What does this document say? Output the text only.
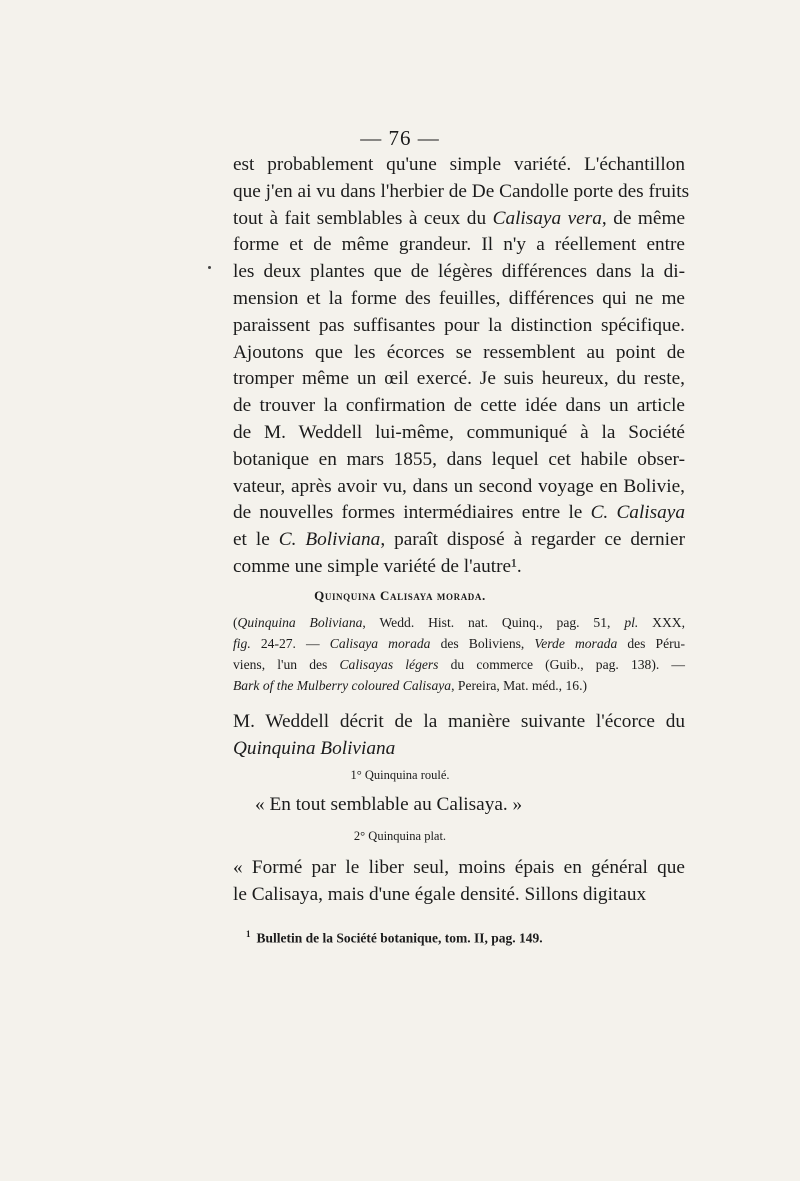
— 76 —
est probablement qu'une simple variété. L'échantillon
que j'en ai vu dans l'herbier de De Candolle porte des fruits
tout à fait semblables à ceux du Calisaya vera, de même
forme et de même grandeur. Il n'y a réellement entre
les deux plantes que de légères différences dans la di-
mension et la forme des feuilles, différences qui ne me
paraissent pas suffisantes pour la distinction spécifique.
Ajoutons que les écorces se ressemblent au point de
tromper même un œil exercé. Je suis heureux, du reste,
de trouver la confirmation de cette idée dans un article
de M. Weddell lui-même, communiqué à la Société
botanique en mars 1855, dans lequel cet habile obser-
vateur, après avoir vu, dans un second voyage en Bolivie,
de nouvelles formes intermédiaires entre le C. Calisaya
et le C. Boliviana, paraît disposé à regarder ce dernier
comme une simple variété de l'autre¹.
Quinquina Calisaya morada.
(Quinquina Boliviana, Wedd. Hist. nat. Quinq., pag. 51, pl. XXX,
fig. 24-27. — Calisaya morada des Boliviens, Verde morada des Péru-
viens, l'un des Calisayas légers du commerce (Guib., pag. 138). —
Bark of the Mulberry coloured Calisaya, Pereira, Mat. méd., 16.)
M. Weddell décrit de la manière suivante l'écorce du
Quinquina Boliviana
1° Quinquina roulé.
« En tout semblable au Calisaya. »
2° Quinquina plat.
« Formé par le liber seul, moins épais en général que
le Calisaya, mais d'une égale densité. Sillons digitaux
$^1$ Bulletin de la Société botanique, tom. II, pag. 149.
